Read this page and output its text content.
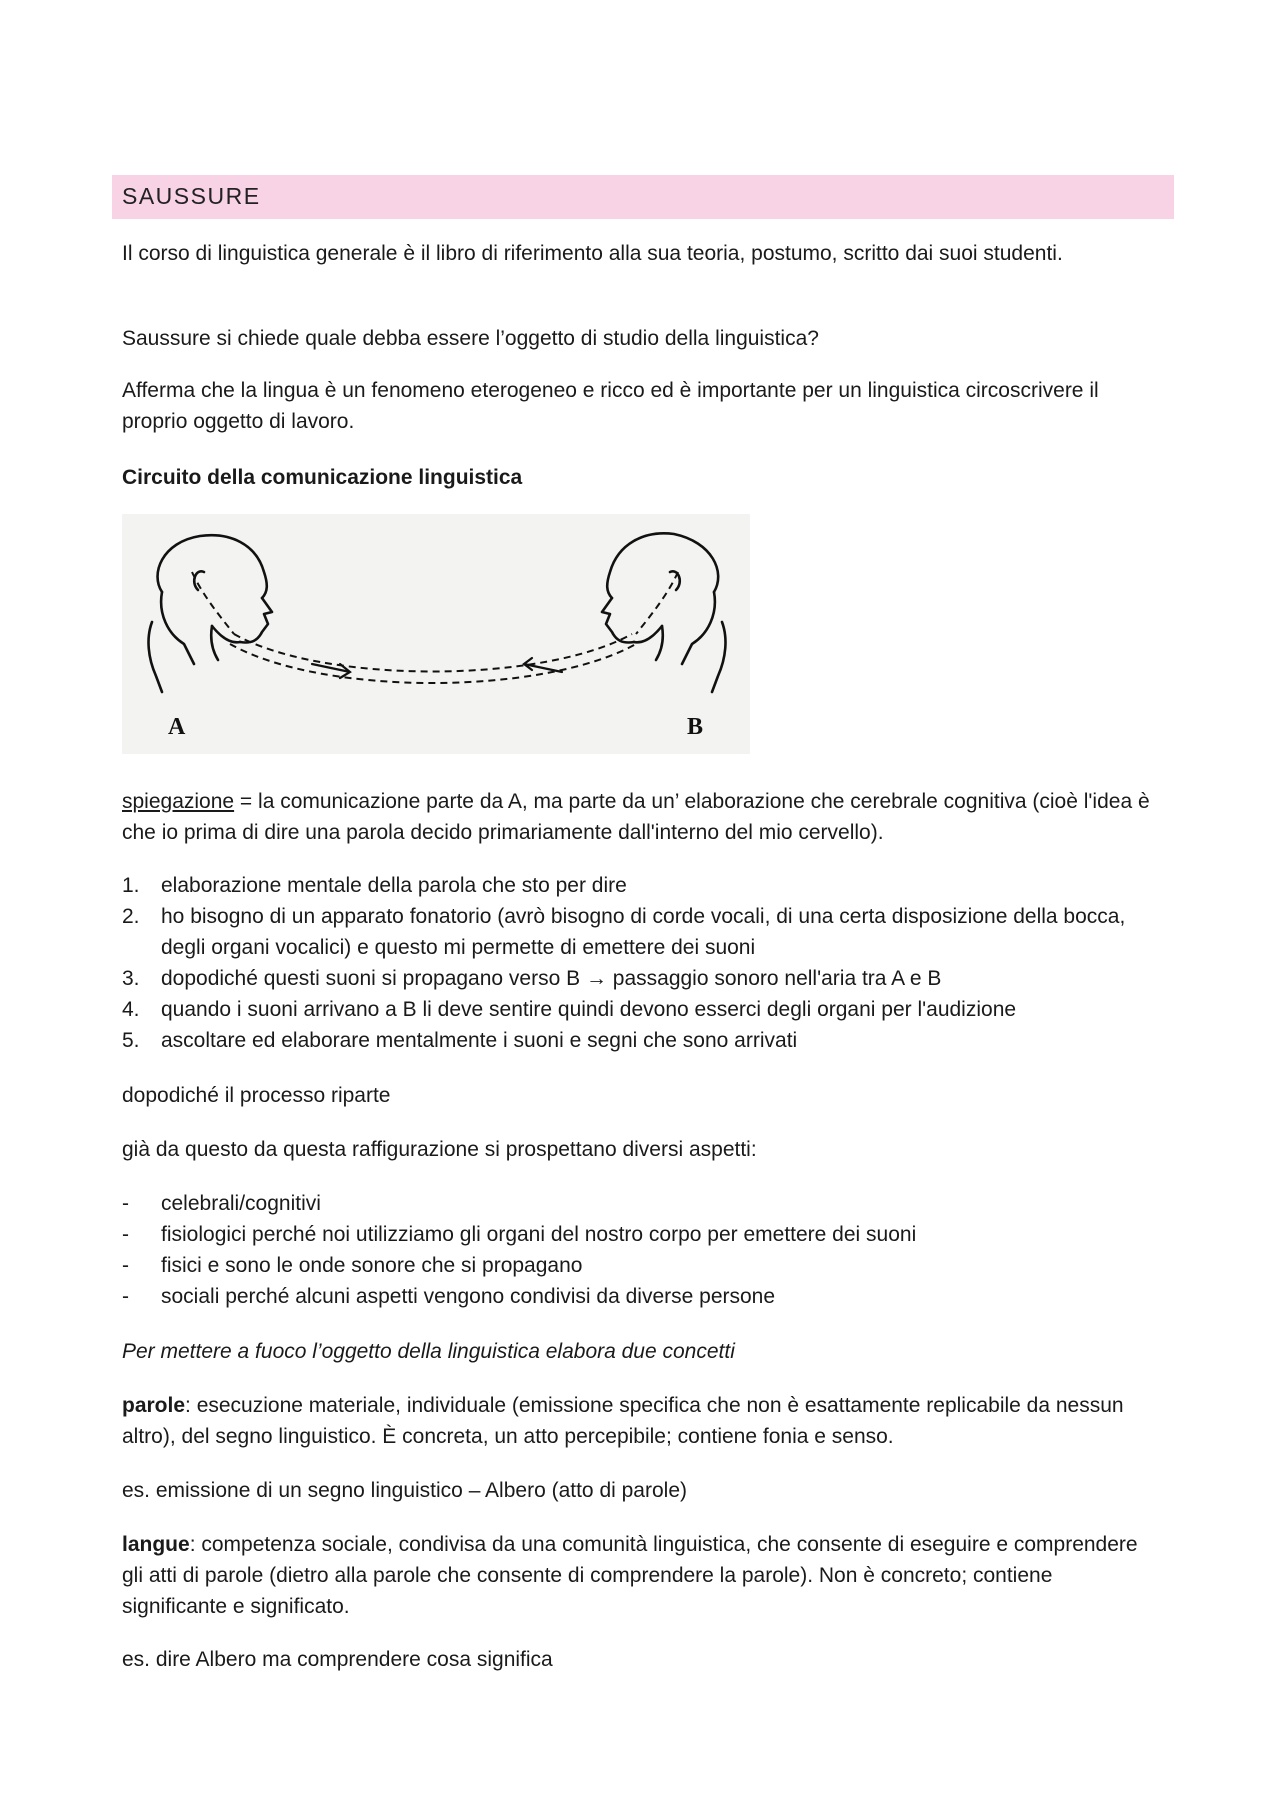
SAUSSURE

Il corso di linguistica generale è il libro di riferimento alla sua teoria, postumo, scritto dai suoi studenti.

Saussure si chiede quale debba essere l’oggetto di studio della linguistica?

Afferma che la lingua è un fenomeno eterogeneo e ricco ed è importante per un linguistica circoscrivere il proprio oggetto di lavoro.

Circuito della comunicazione linguistica

A	B

spiegazione = la comunicazione parte da A, ma parte da un’ elaborazione che cerebrale cognitiva (cioè l'idea è che io prima di dire una parola decido primariamente dall'interno del mio cervello).

1. elaborazione mentale della parola che sto per dire
2. ho bisogno di un apparato fonatorio (avrò bisogno di corde vocali, di una certa disposizione della bocca, degli organi vocalici) e questo mi permette di emettere dei suoni
3. dopodiché questi suoni si propagano verso B → passaggio sonoro nell'aria tra A e B
4. quando i suoni arrivano a B li deve sentire quindi devono esserci degli organi per l'audizione
5. ascoltare ed elaborare mentalmente i suoni e segni che sono arrivati

dopodiché il processo riparte

già da questo da questa raffigurazione si prospettano diversi aspetti:

- celebrali/cognitivi
- fisiologici perché noi utilizziamo gli organi del nostro corpo per emettere dei suoni
- fisici e sono le onde sonore che si propagano
- sociali perché alcuni aspetti vengono condivisi da diverse persone

Per mettere a fuoco l’oggetto della linguistica elabora due concetti

parole: esecuzione materiale, individuale (emissione specifica che non è esattamente replicabile da nessun altro), del segno linguistico. È concreta, un atto percepibile; contiene fonia e senso.

es. emissione di un segno linguistico – Albero (atto di parole)

langue: competenza sociale, condivisa da una comunità linguistica, che consente di eseguire e comprendere gli atti di parole (dietro alla parole che consente di comprendere la parole). Non è concreto; contiene significante e significato.

es. dire Albero ma comprendere cosa significa
